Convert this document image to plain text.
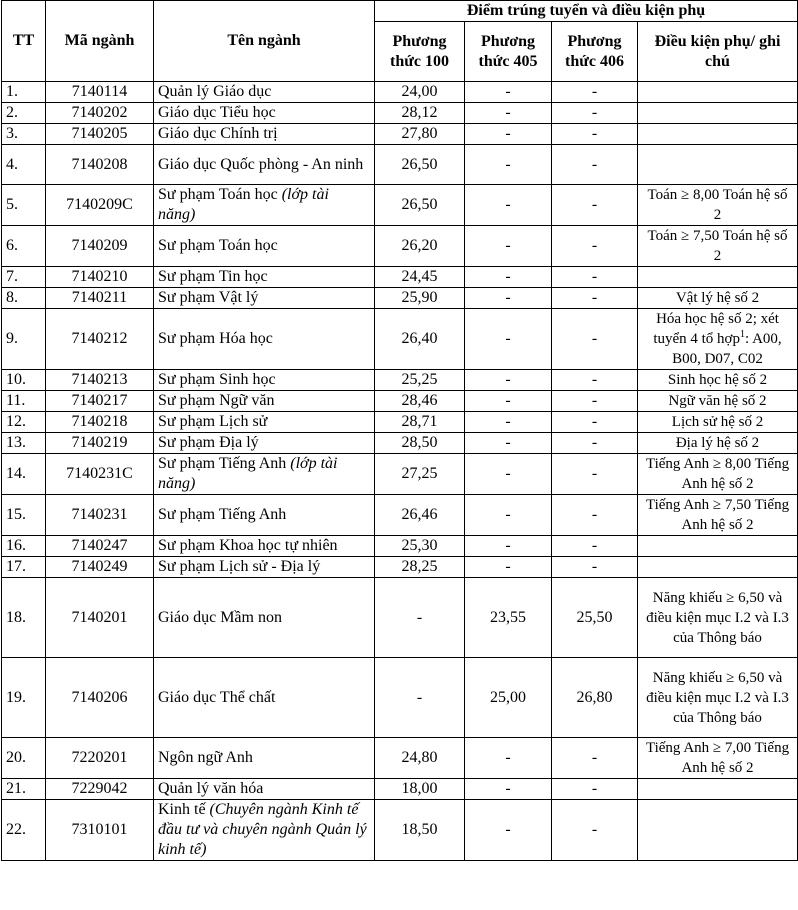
TT	Mã ngành	Tên ngành	Điểm trúng tuyển và điều kiện phụ			
			Phương thức 100	Phương thức 405	Phương thức 406	Điều kiện phụ/ ghi chú
1.	7140114	Quản lý Giáo dục	24,00	-	-	
2.	7140202	Giáo dục Tiểu học	28,12	-	-	
3.	7140205	Giáo dục Chính trị	27,80	-	-	
4.	7140208	Giáo dục Quốc phòng - An ninh	26,50	-	-	
5.	7140209C	Sư phạm Toán học (lớp tài năng)	26,50	-	-	Toán ≥ 8,00 Toán hệ số 2
6.	7140209	Sư phạm Toán học	26,20	-	-	Toán ≥ 7,50 Toán hệ số 2
7.	7140210	Sư phạm Tin học	24,45	-	-	
8.	7140211	Sư phạm Vật lý	25,90	-	-	Vật lý hệ số 2
9.	7140212	Sư phạm Hóa học	26,40	-	-	Hóa học hệ số 2; xét tuyển 4 tổ hợp$^1$: A00, B00, D07, C02
10.	7140213	Sư phạm Sinh học	25,25	-	-	Sinh học hệ số 2
11.	7140217	Sư phạm Ngữ văn	28,46	-	-	Ngữ văn hệ số 2
12.	7140218	Sư phạm Lịch sử	28,71	-	-	Lịch sử hệ số 2
13.	7140219	Sư phạm Địa lý	28,50	-	-	Địa lý hệ số 2
14.	7140231C	Sư phạm Tiếng Anh (lớp tài năng)	27,25	-	-	Tiếng Anh ≥ 8,00 Tiếng Anh hệ số 2
15.	7140231	Sư phạm Tiếng Anh	26,46	-	-	Tiếng Anh ≥ 7,50 Tiếng Anh hệ số 2
16.	7140247	Sư phạm Khoa học tự nhiên	25,30	-	-	
17.	7140249	Sư phạm Lịch sử - Địa lý	28,25	-	-	
18.	7140201	Giáo dục Mầm non	-	23,55	25,50	Năng khiếu ≥ 6,50 và điều kiện mục I.2 và I.3 của Thông báo
19.	7140206	Giáo dục Thể chất	-	25,00	26,80	Năng khiếu ≥ 6,50 và điều kiện mục I.2 và I.3 của Thông báo
20.	7220201	Ngôn ngữ Anh	24,80	-	-	Tiếng Anh ≥ 7,00 Tiếng Anh hệ số 2
21.	7229042	Quản lý văn hóa	18,00	-	-	
22.	7310101	Kinh tế (Chuyên ngành Kinh tế đầu tư và chuyên ngành Quản lý kinh tế)	18,50	-	-	
